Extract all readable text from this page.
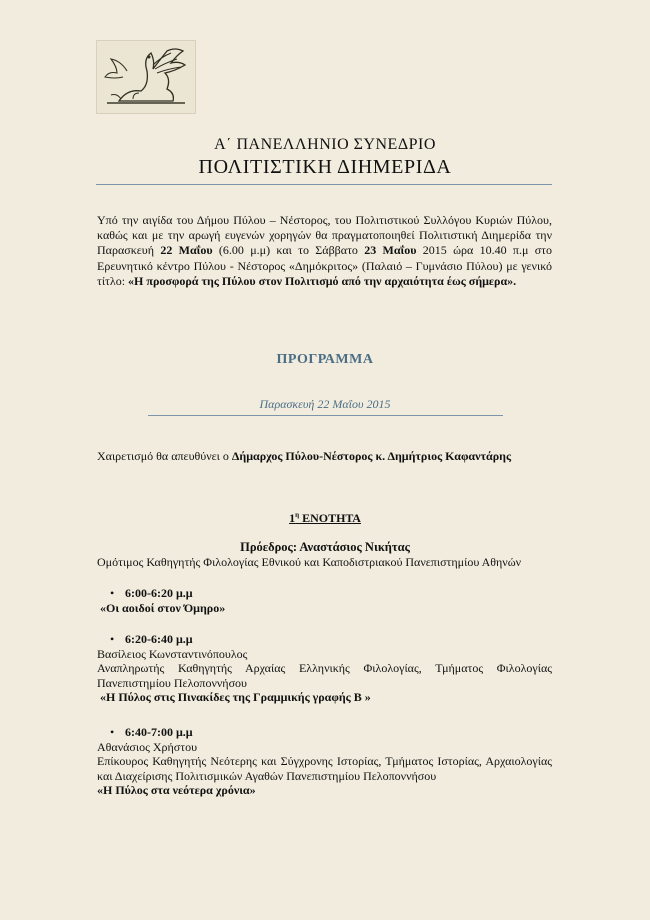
Α΄ ΠΑΝΕΛΛΗΝΙΟ ΣΥΝΕΔΡΙΟ
ΠΟΛΙΤΙΣΤΙΚΗ ΔΙΗΜΕΡΙΔΑ
Υπό την αιγίδα του Δήμου Πύλου – Νέστορος, του Πολιτιστικού Συλλόγου Κυριών Πύλου, καθώς και με την αρωγή ευγενών χορηγών θα πραγματοποιηθεί Πολιτιστική Διημερίδα την Παρασκευή 22 Μαΐου (6.00 μ.μ) και το Σάββατο 23 Μαΐου 2015 ώρα 10.40 π.μ στο Ερευνητικό κέντρο Πύλου - Νέστορος «Δημόκριτος» (Παλαιό – Γυμνάσιο Πύλου) με γενικό τίτλο: «Η προσφορά της Πύλου στον Πολιτισμό από την αρχαιότητα έως σήμερα».
ΠΡΟΓΡΑΜΜΑ
Παρασκευή 22 Μαΐου 2015
Χαιρετισμό θα απευθύνει ο Δήμαρχος Πύλου-Νέστορος κ. Δημήτριος Καφαντάρης
$1^\eta$ ΕΝΟΤΗΤΑ
Πρόεδρος: Αναστάσιος Νικήτας
Ομότιμος Καθηγητής Φιλολογίας Εθνικού και Καποδιστριακού Πανεπιστημίου Αθηνών
• 6:00-6:20 μ.μ
«Οι αοιδοί στον Όμηρο»
• 6:20-6:40 μ.μ
Βασίλειος Κωνσταντινόπουλος
Αναπληρωτής Καθηγητής Αρχαίας Ελληνικής Φιλολογίας, Τμήματος Φιλολογίας Πανεπιστημίου Πελοποννήσου
«Η Πύλος στις Πινακίδες της Γραμμικής γραφής Β »
• 6:40-7:00 μ.μ
Αθανάσιος Χρήστου
Επίκουρος Καθηγητής Νεότερης και Σύγχρονης Ιστορίας, Τμήματος Ιστορίας, Αρχαιολογίας και Διαχείρισης Πολιτισμικών Αγαθών Πανεπιστημίου Πελοποννήσου
«Η Πύλος στα νεότερα χρόνια»
